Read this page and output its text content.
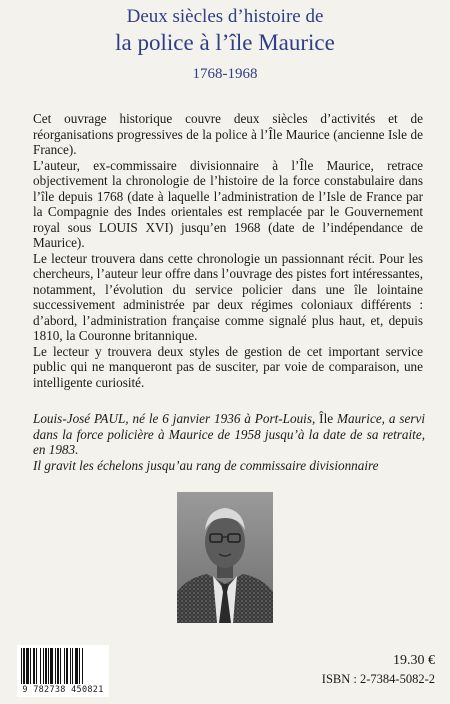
Deux siècles d’histoire de
la police à l’île Maurice
1768-1968

Cet ouvrage historique couvre deux siècles d’activités et de réorganisations progressives de la police à l’Île Maurice (ancienne Isle de France).

L’auteur, ex-commissaire divisionnaire à l’Île Maurice, retrace objectivement la chronologie de l’histoire de la force constabulaire dans l’île depuis 1768 (date à laquelle l’administration de l’Isle de France par la Compagnie des Indes orientales est remplacée par le Gouvernement royal sous LOUIS XVI) jusqu’en 1968 (date de l’indépendance de Maurice).

Le lecteur trouvera dans cette chronologie un passionnant récit. Pour les chercheurs, l’auteur leur offre dans l’ouvrage des pistes fort intéressantes, notamment, l’évolution du service policier dans une île lointaine successivement administrée par deux régimes coloniaux différents : d’abord, l’administration française comme signalé plus haut, et, depuis 1810, la Couronne britannique.

Le lecteur y trouvera deux styles de gestion de cet important service public qui ne manqueront pas de susciter, par voie de comparaison, une intelligente curiosité.

Louis-José PAUL, né le 6 janvier 1936 à Port-Louis, Île Maurice, a servi dans la force policière à Maurice de 1958 jusqu’à la date de sa retraite, en 1983.

Il gravit les échelons jusqu’au rang de commissaire divisionnaire

9 782738 450821
19.30 €
ISBN : 2-7384-5082-2
